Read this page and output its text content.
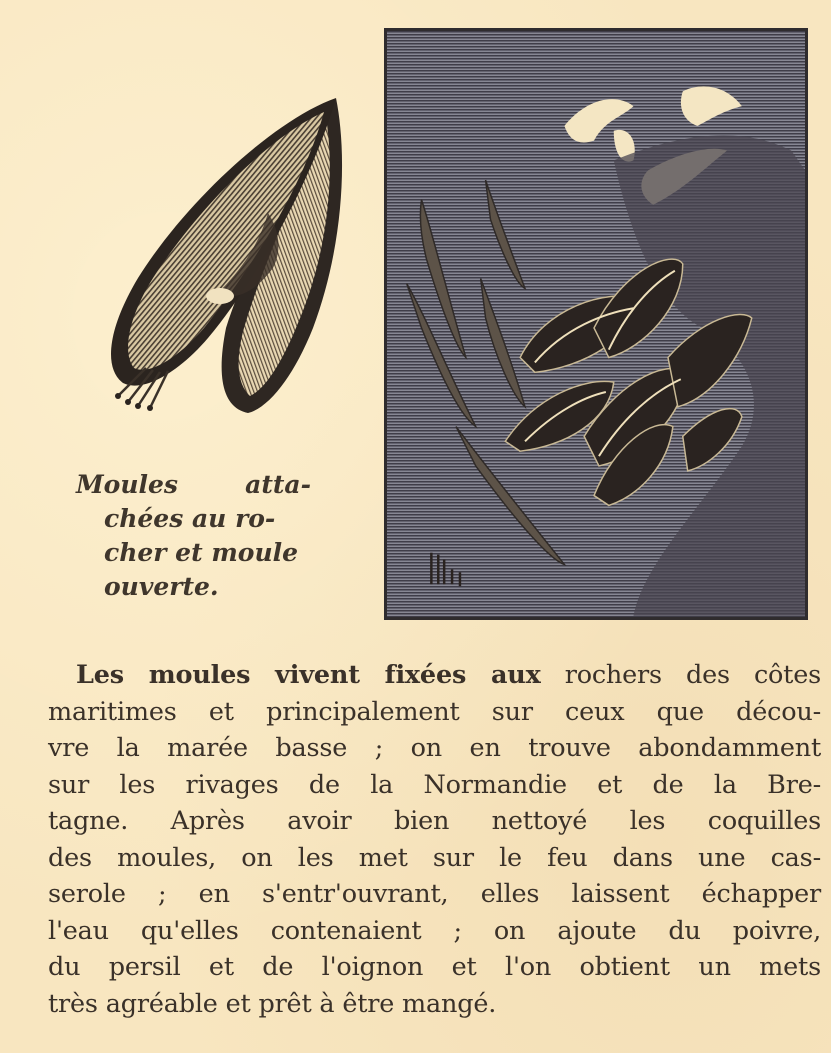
Moules atta-
chées au ro-
cher et moule
ouverte.
Les moules vivent fixées aux rochers des côtes
maritimes et principalement sur ceux que décou-
vre la marée basse ; on en trouve abondamment
sur les rivages de la Normandie et de la Bre-
tagne. Après avoir bien nettoyé les coquilles
des moules, on les met sur le feu dans une cas-
serole ; en s'entr'ouvrant, elles laissent échapper
l'eau qu'elles contenaient ; on ajoute du poivre,
du persil et de l'oignon et l'on obtient un mets
très agréable et prêt à être mangé.
